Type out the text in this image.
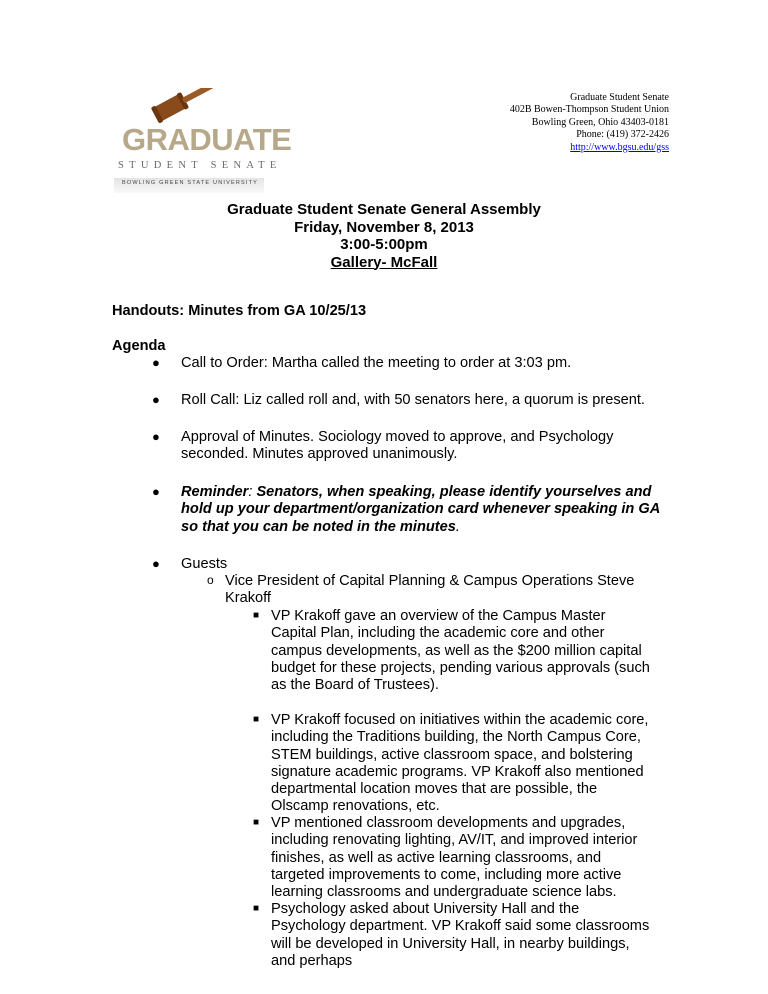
GRADUATE
STUDENT SENATE
BOWLING GREEN STATE UNIVERSITY
Graduate Student Senate
402B Bowen-Thompson Student Union
Bowling Green, Ohio 43403-0181
Phone: (419) 372-2426
http://www.bgsu.edu/gss
Graduate Student Senate General Assembly
Friday, November 8, 2013
3:00-5:00pm
Gallery- McFall
Handouts: Minutes from GA 10/25/13
Agenda
● Call to Order: Martha called the meeting to order at 3:03 pm.
● Roll Call: Liz called roll and, with 50 senators here, a quorum is present.
● Approval of Minutes. Sociology moved to approve, and Psychology seconded. Minutes approved unanimously.
● Reminder: Senators, when speaking, please identify yourselves and hold up your department/organization card whenever speaking in GA so that you can be noted in the minutes.
● Guests
o Vice President of Capital Planning & Campus Operations Steve Krakoff
■ VP Krakoff gave an overview of the Campus Master Capital Plan, including the academic core and other campus developments, as well as the $200 million capital budget for these projects, pending various approvals (such as the Board of Trustees).
■ VP Krakoff focused on initiatives within the academic core, including the Traditions building, the North Campus Core, STEM buildings, active classroom space, and bolstering signature academic programs. VP Krakoff also mentioned departmental location moves that are possible, the Olscamp renovations, etc.
■ VP mentioned classroom developments and upgrades, including renovating lighting, AV/IT, and improved interior finishes, as well as active learning classrooms, and targeted improvements to come, including more active learning classrooms and undergraduate science labs.
■ Psychology asked about University Hall and the Psychology department. VP Krakoff said some classrooms will be developed in University Hall, in nearby buildings, and perhaps
